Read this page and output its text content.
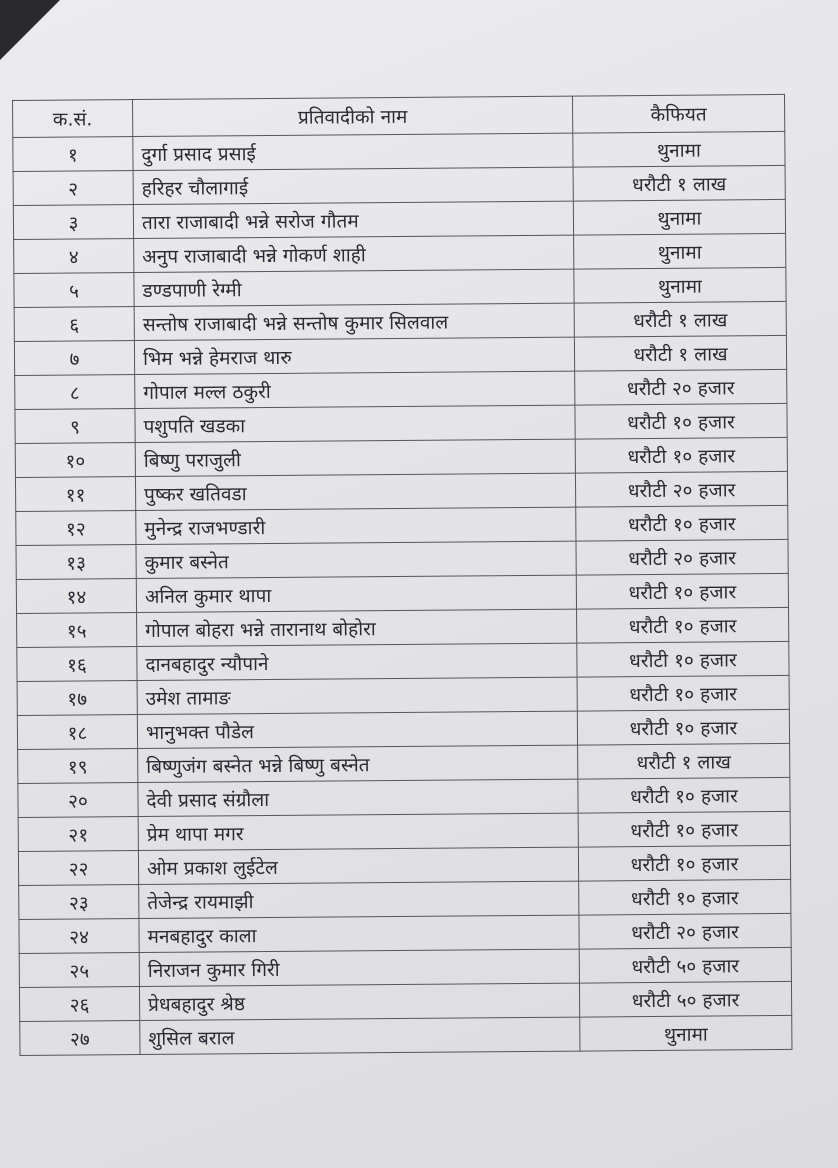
क.सं.	प्रतिवादीको नाम	कैफियत
१	दुर्गा प्रसाद प्रसाई	थुनामा
२	हरिहर चौलागाई	धरौटी १ लाख
३	तारा राजाबादी भन्ने सरोज गौतम	थुनामा
४	अनुप राजाबादी भन्ने गोकर्ण शाही	थुनामा
५	डण्डपाणी रेग्मी	थुनामा
६	सन्तोष राजाबादी भन्ने सन्तोष कुमार सिलवाल	धरौटी १ लाख
७	भिम भन्ने हेमराज थारु	धरौटी १ लाख
८	गोपाल मल्ल ठकुरी	धरौटी २० हजार
९	पशुपति खडका	धरौटी १० हजार
१०	बिष्णु पराजुली	धरौटी १० हजार
११	पुष्कर खतिवडा	धरौटी २० हजार
१२	मुनेन्द्र राजभण्डारी	धरौटी १० हजार
१३	कुमार बस्नेत	धरौटी २० हजार
१४	अनिल कुमार थापा	धरौटी १० हजार
१५	गोपाल बोहरा भन्ने तारानाथ बोहोरा	धरौटी १० हजार
१६	दानबहादुर न्यौपाने	धरौटी १० हजार
१७	उमेश तामाङ	धरौटी १० हजार
१८	भानुभक्त पौडेल	धरौटी १० हजार
१९	बिष्णुजंग बस्नेत भन्ने बिष्णु बस्नेत	धरौटी १ लाख
२०	देवी प्रसाद संग्रौला	धरौटी १० हजार
२१	प्रेम थापा मगर	धरौटी १० हजार
२२	ओम प्रकाश लुईटेल	धरौटी १० हजार
२३	तेजेन्द्र रायमाझी	धरौटी १० हजार
२४	मनबहादुर काला	धरौटी २० हजार
२५	निराजन कुमार गिरी	धरौटी ५० हजार
२६	प्रेधबहादुर श्रेष्ठ	धरौटी ५० हजार
२७	शुसिल बराल	थुनामा
